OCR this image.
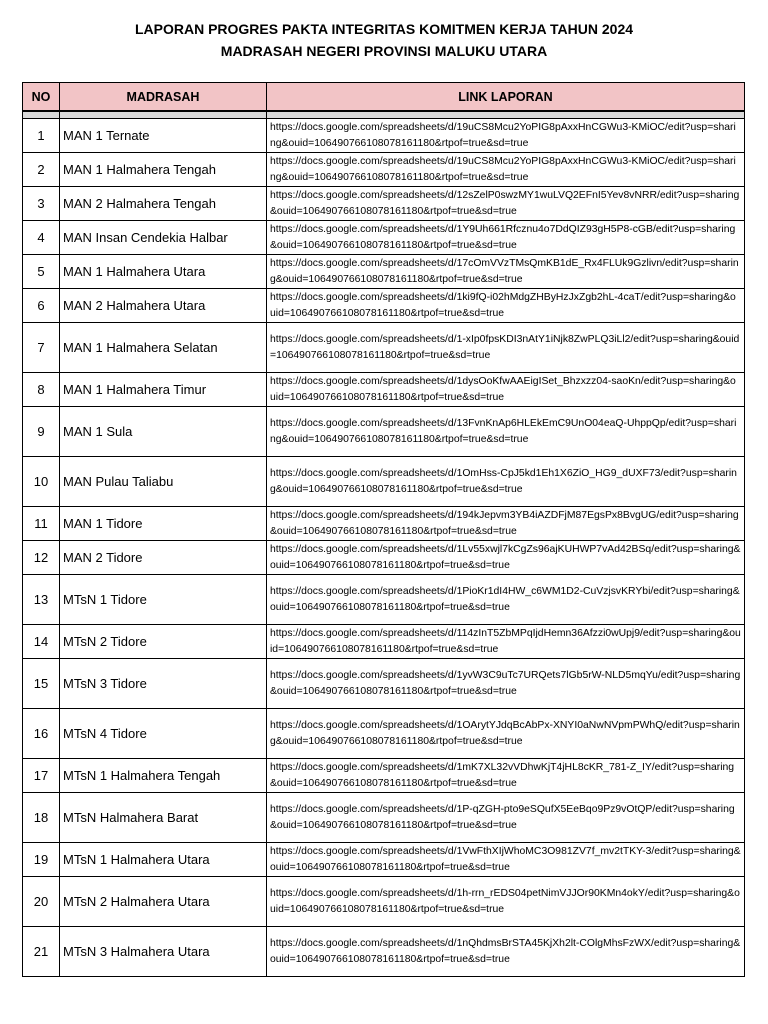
LAPORAN PROGRES PAKTA INTEGRITAS KOMITMEN KERJA TAHUN 2024
MADRASAH NEGERI PROVINSI MALUKU UTARA
NO	MADRASAH	LINK LAPORAN

1	MAN 1 Ternate	https://docs.google.com/spreadsheets/d/19uCS8Mcu2YoPIG8pAxxHnCGWu3-KMiOC/edit?usp=sharing&ouid=106490766108078161180&rtpof=true&sd=true
2	MAN 1 Halmahera Tengah	https://docs.google.com/spreadsheets/d/19uCS8Mcu2YoPIG8pAxxHnCGWu3-KMiOC/edit?usp=sharing&ouid=106490766108078161180&rtpof=true&sd=true
3	MAN 2 Halmahera Tengah	https://docs.google.com/spreadsheets/d/12sZelP0swzMY1wuLVQ2EFnI5Yev8vNRR/edit?usp=sharing&ouid=106490766108078161180&rtpof=true&sd=true
4	MAN Insan Cendekia Halbar	https://docs.google.com/spreadsheets/d/1Y9Uh661Rfcznu4o7DdQIZ93gH5P8-cGB/edit?usp=sharing&ouid=106490766108078161180&rtpof=true&sd=true
5	MAN 1 Halmahera Utara	https://docs.google.com/spreadsheets/d/17cOmVVzTMsQmKB1dE_Rx4FLUk9Gzlivn/edit?usp=sharing&ouid=106490766108078161180&rtpof=true&sd=true
6	MAN 2 Halmahera Utara	https://docs.google.com/spreadsheets/d/1ki9fQ-i02hMdgZHByHzJxZgb2hL-4caT/edit?usp=sharing&ouid=106490766108078161180&rtpof=true&sd=true
7	MAN 1 Halmahera Selatan	https://docs.google.com/spreadsheets/d/1-xIp0fpsKDI3nAtY1iNjk8ZwPLQ3iLl2/edit?usp=sharing&ouid=106490766108078161180&rtpof=true&sd=true
8	MAN 1 Halmahera Timur	https://docs.google.com/spreadsheets/d/1dysOoKfwAAEigISet_Bhzxzz04-saoKn/edit?usp=sharing&ouid=106490766108078161180&rtpof=true&sd=true
9	MAN 1 Sula	https://docs.google.com/spreadsheets/d/13FvnKnAp6HLEkEmC9UnO04eaQ-UhppQp/edit?usp=sharing&ouid=106490766108078161180&rtpof=true&sd=true
10	MAN Pulau Taliabu	https://docs.google.com/spreadsheets/d/1OmHss-CpJ5kd1Eh1X6ZiO_HG9_dUXF73/edit?usp=sharing&ouid=106490766108078161180&rtpof=true&sd=true
11	MAN 1 Tidore	https://docs.google.com/spreadsheets/d/194kJepvm3YB4iAZDFjM87EgsPx8BvgUG/edit?usp=sharing&ouid=106490766108078161180&rtpof=true&sd=true
12	MAN 2 Tidore	https://docs.google.com/spreadsheets/d/1Lv55xwjl7kCgZs96ajKUHWP7vAd42BSq/edit?usp=sharing&ouid=106490766108078161180&rtpof=true&sd=true
13	MTsN 1 Tidore	https://docs.google.com/spreadsheets/d/1PioKr1dI4HW_c6WM1D2-CuVzjsvKRYbi/edit?usp=sharing&ouid=106490766108078161180&rtpof=true&sd=true
14	MTsN 2 Tidore	https://docs.google.com/spreadsheets/d/114zInT5ZbMPqIjdHemn36Afzzi0wUpj9/edit?usp=sharing&ouid=106490766108078161180&rtpof=true&sd=true
15	MTsN 3 Tidore	https://docs.google.com/spreadsheets/d/1yvW3C9uTc7URQets7lGb5rW-NLD5mqYu/edit?usp=sharing&ouid=106490766108078161180&rtpof=true&sd=true
16	MTsN 4 Tidore	https://docs.google.com/spreadsheets/d/1OArytYJdqBcAbPx-XNYI0aNwNVpmPWhQ/edit?usp=sharing&ouid=106490766108078161180&rtpof=true&sd=true
17	MTsN 1 Halmahera Tengah	https://docs.google.com/spreadsheets/d/1mK7XL32vVDhwKjT4jHL8cKR_781-Z_IY/edit?usp=sharing&ouid=106490766108078161180&rtpof=true&sd=true
18	MTsN Halmahera Barat	https://docs.google.com/spreadsheets/d/1P-qZGH-pto9eSQufX5EeBqo9Pz9vOtQP/edit?usp=sharing&ouid=106490766108078161180&rtpof=true&sd=true
19	MTsN 1 Halmahera Utara	https://docs.google.com/spreadsheets/d/1VwFthXIjWhoMC3O981ZV7f_mv2tTKY-3/edit?usp=sharing&ouid=106490766108078161180&rtpof=true&sd=true
20	MTsN 2 Halmahera Utara	https://docs.google.com/spreadsheets/d/1h-rrn_rEDS04petNimVJJOr90KMn4okY/edit?usp=sharing&ouid=106490766108078161180&rtpof=true&sd=true
21	MTsN 3 Halmahera Utara	https://docs.google.com/spreadsheets/d/1nQhdmsBrSTA45KjXh2lt-COlgMhsFzWX/edit?usp=sharing&ouid=106490766108078161180&rtpof=true&sd=true
